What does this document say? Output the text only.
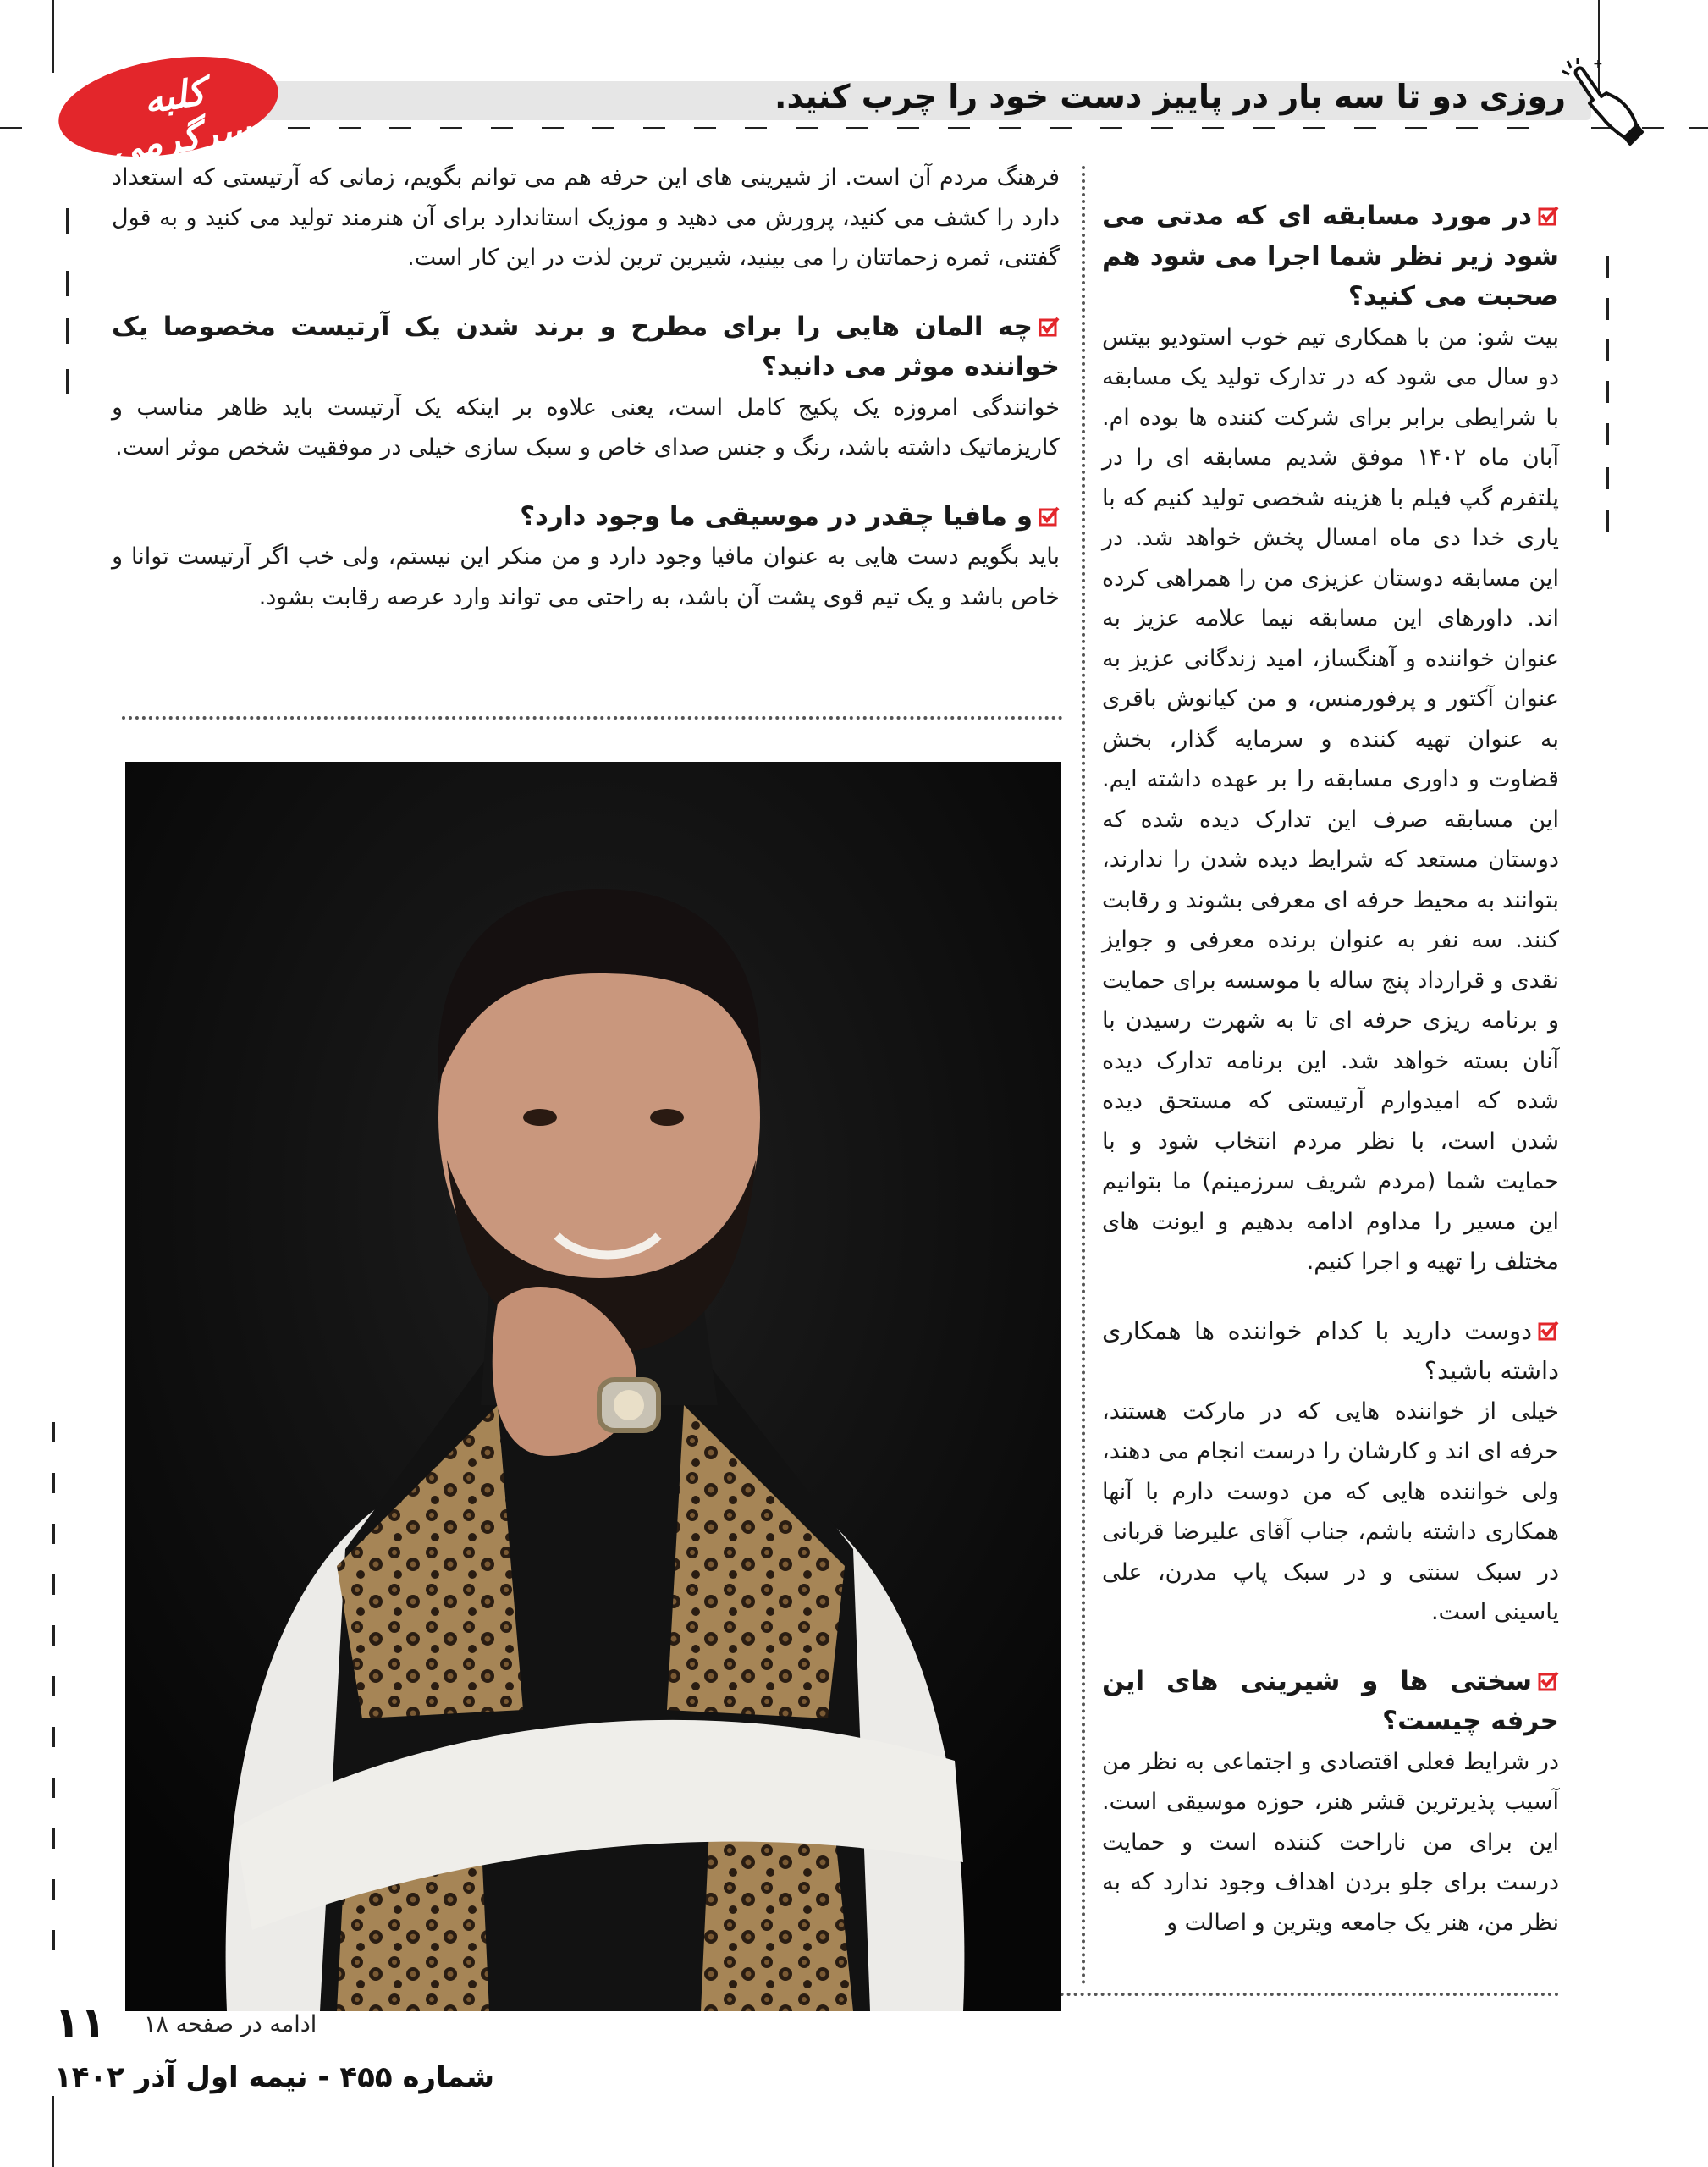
روزی دو تا سه بار در پاییز دست خود را چرب کنید.
کلبه سرگرمی
+

در مورد مسابقه ای که مدتی می شود زیر نظر شما اجرا می شود هم صحبت می کنید؟

بیت شو: من با همکاری تیم خوب استودیو بیتس دو سال می شود که در تدارک تولید یک مسابقه با شرایطی برابر برای شرکت کننده ها بوده ام. آبان ماه ۱۴۰۲ موفق شدیم مسابقه ای را در پلتفرم گپ فیلم با هزینه شخصی تولید کنیم که با یاری خدا دی ماه امسال پخش خواهد شد. در این مسابقه دوستان عزیزی من را همراهی کرده اند. داورهای این مسابقه نیما علامه عزیز به عنوان خواننده و آهنگساز، امید زندگانی عزیز به عنوان آکتور و پرفورمنس، و من کیانوش باقری به عنوان تهیه کننده و سرمایه گذار، بخش قضاوت و داوری مسابقه را بر عهده داشته ایم. این مسابقه صرف این تدارک دیده شده که دوستان مستعد که شرایط دیده شدن را ندارند، بتوانند به محیط حرفه ای معرفی بشوند و رقابت کنند. سه نفر به عنوان برنده معرفی و جوایز نقدی و قرارداد پنج ساله با موسسه برای حمایت و برنامه ریزی حرفه ای تا به شهرت رسیدن با آنان بسته خواهد شد. این برنامه تدارک دیده شده که امیدوارم آرتیستی که مستحق دیده شدن است، با نظر مردم انتخاب شود و با حمایت شما (مردم شریف سرزمینم) ما بتوانیم این مسیر را مداوم ادامه بدهیم و ایونت های مختلف را تهیه و اجرا کنیم.

دوست دارید با کدام خواننده ها همکاری داشته باشید؟

خیلی از خواننده هایی که در مارکت هستند، حرفه ای اند و کارشان را درست انجام می دهند، ولی خواننده هایی که من دوست دارم با آنها همکاری داشته باشم، جناب آقای علیرضا قربانی در سبک سنتی و در سبک پاپ مدرن، علی یاسینی است.

سختی ها و شیرینی های این حرفه چیست؟

در شرایط فعلی اقتصادی و اجتماعی به نظر من آسیب پذیرترین قشر هنر، حوزه موسیقی است. این برای من ناراحت کننده است و حمایت درست برای جلو بردن اهداف وجود ندارد که به نظر من، هنر یک جامعه ویترین و اصالت و

فرهنگ مردم آن است. از شیرینی های این حرفه هم می توانم بگویم، زمانی که آرتیستی که استعداد دارد را کشف می کنید، پرورش می دهید و موزیک استاندارد برای آن هنرمند تولید می کنید و به قول گفتنی، ثمره زحماتتان را می بینید، شیرین ترین لذت در این کار است.

چه المان هایی را برای مطرح و برند شدن یک آرتیست مخصوصا یک خواننده موثر می دانید؟

خوانندگی امروزه یک پکیج کامل است، یعنی علاوه بر اینکه یک آرتیست باید ظاهر مناسب و کاریزماتیک داشته باشد، رنگ و جنس صدای خاص و سبک سازی خیلی در موفقیت شخص موثر است.

و مافیا چقدر در موسیقی ما وجود دارد؟

باید بگویم دست هایی به عنوان مافیا وجود دارد و من منکر این نیستم، ولی خب اگر آرتیست توانا و خاص باشد و یک تیم قوی پشت آن باشد، به راحتی می تواند وارد عرصه رقابت بشود.

ادامه در صفحه ۱۸
۱۱
شماره ۴۵۵ - نیمه اول آذر ۱۴۰۲
